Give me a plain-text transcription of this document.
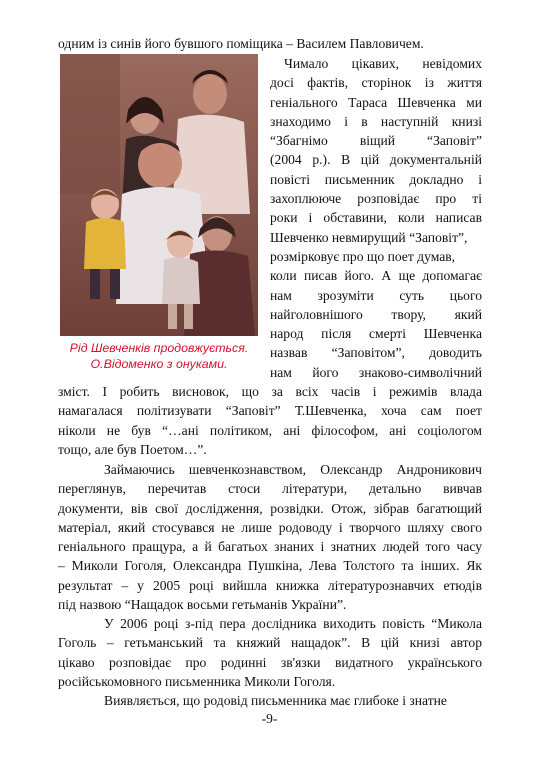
одним із синів його бувшого поміщика – Василем Павловичем.
Рід Шевченків продовжується.
О.Відоменко з онуками.
Чимало цікавих, невідомих
досі фактів, сторінок із життя
геніального Тараса Шевченка ми
знаходимо і в наступній книзі
“Збагнімо віщий “Заповіт”
(2004 р.). В цій документальній
повісті письменник докладно і
захоплююче розповідає про ті
роки і обставини, коли написав
Шевченко невмирущий “Заповіт”,
розмірковує про що поет думав,
коли писав його. А ще допомагає
нам зрозуміти суть цього
найголовнішого твору, який
народ після смерті Шевченка
назвав “Заповітом”, доводить
нам його знаково-символічний
зміст. І робить висновок, що за всіх часів і режимів влада
намагалася політизувати “Заповіт” Т.Шевченка, хоча сам поет
ніколи не був “…ані політиком, ані філософом, ані соціологом
тощо, але був Поетом…”.
Займаючись шевченкознавством, Олександр Андроникович
переглянув, перечитав стоси літератури, детально вивчав
документи, вів свої дослідження, розвідки. Отож, зібрав багатющий
матеріал, який стосувався не лише родоводу і творчого шляху свого
геніального пращура, а й багатьох знаних і знатних людей того часу
– Миколи Гоголя, Олександра Пушкіна, Лева Толстого та інших. Як
результат – у 2005 році вийшла книжка літературознавчих етюдів
під назвою “Нащадок восьми гетьманів України”.
У 2006 році з-під пера дослідника виходить повість “Микола
Гоголь – гетьманський та княжий нащадок”. В цій книзі автор
цікаво розповідає про родинні зв'язки видатного українського
російськомовного письменника Миколи Гоголя.
Виявляється, що родовід письменника має глибоке і знатне
-9-
